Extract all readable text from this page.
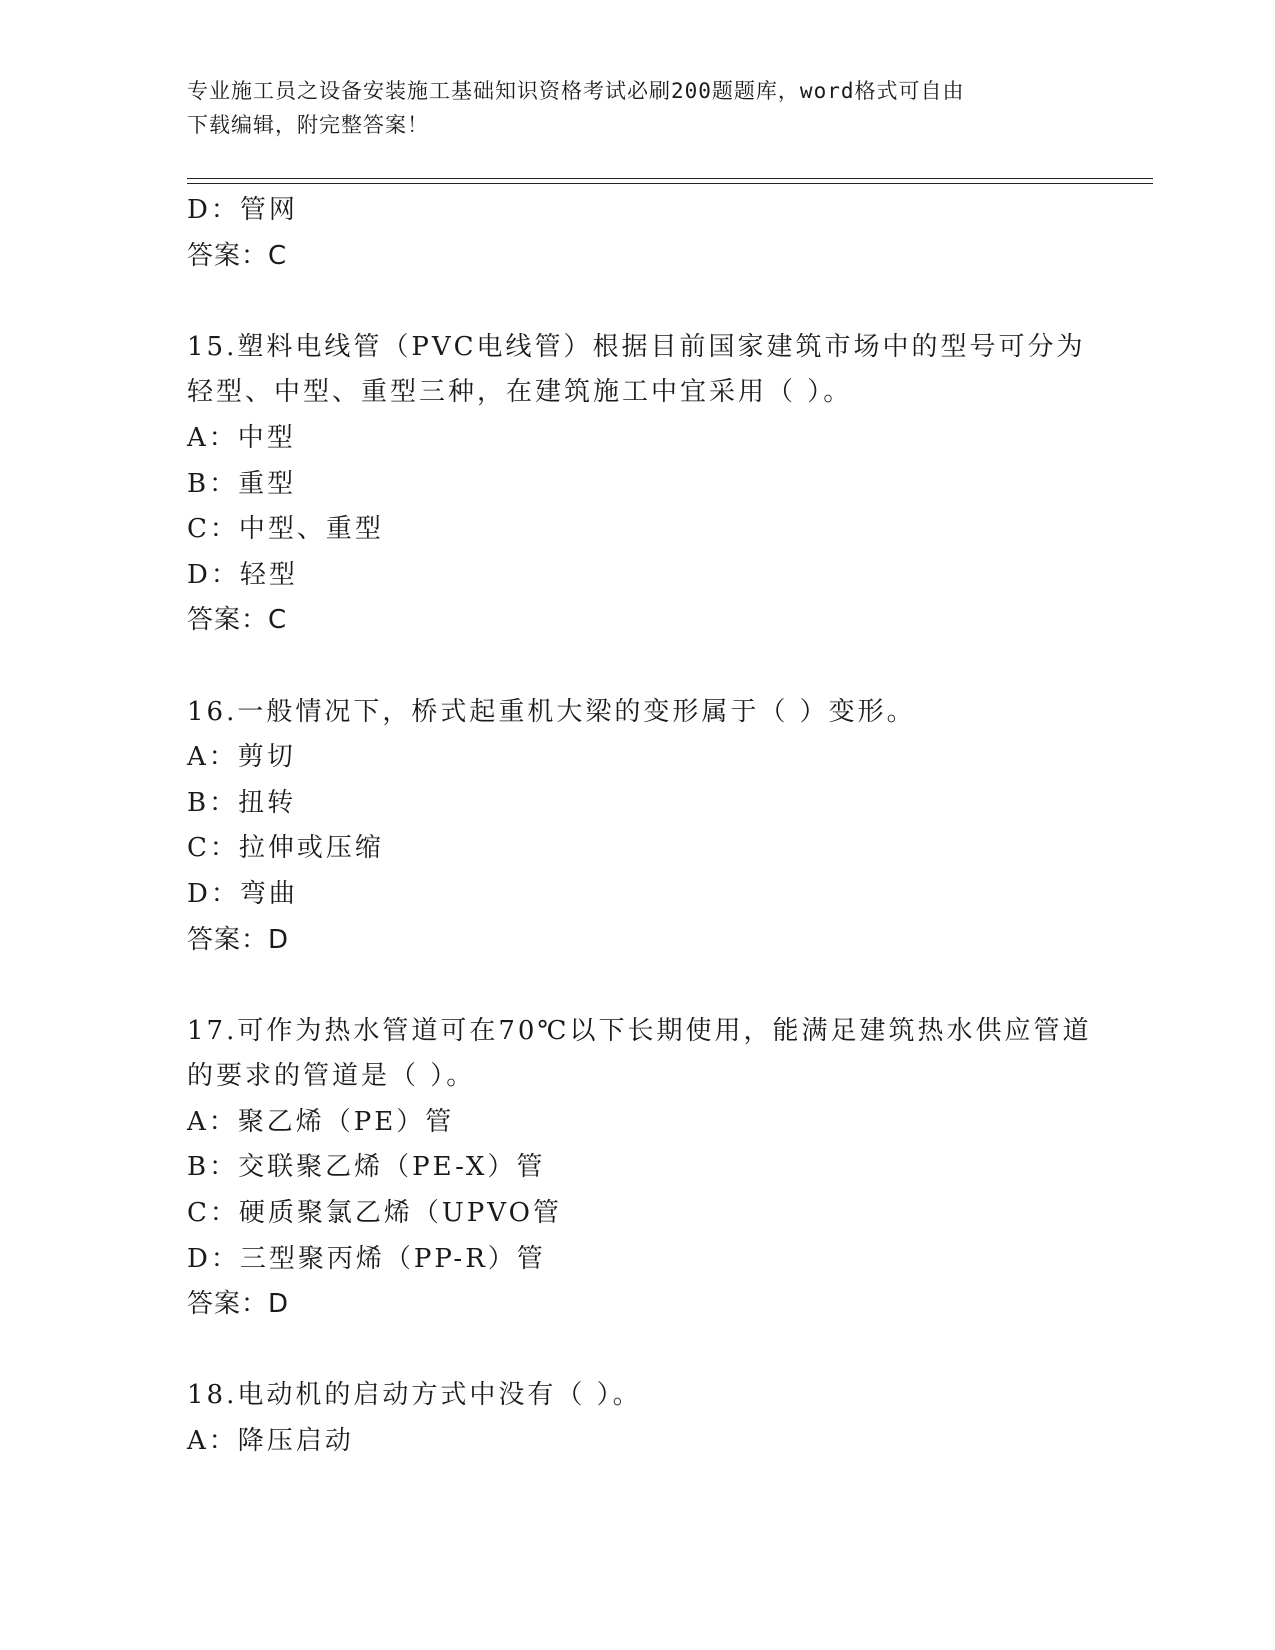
专业施工员之设备安装施工基础知识资格考试必刷200题题库，word格式可自由
下载编辑，附完整答案！
D：管网
答案：C
15.塑料电线管（PVC电线管）根据目前国家建筑市场中的型号可分为
轻型、中型、重型三种，在建筑施工中宜采用（ ）。
A：中型
B：重型
C：中型、重型
D：轻型
答案：C
16.一般情况下，桥式起重机大梁的变形属于（ ）变形。
A：剪切
B：扭转
C：拉伸或压缩
D：弯曲
答案：D
17.可作为热水管道可在70℃以下长期使用，能满足建筑热水供应管道
的要求的管道是（ ）。
A：聚乙烯（PE）管
B：交联聚乙烯（PE-X）管
C：硬质聚氯乙烯（UPVO管
D：三型聚丙烯（PP-R）管
答案：D
18.电动机的启动方式中没有（ ）。
A：降压启动
